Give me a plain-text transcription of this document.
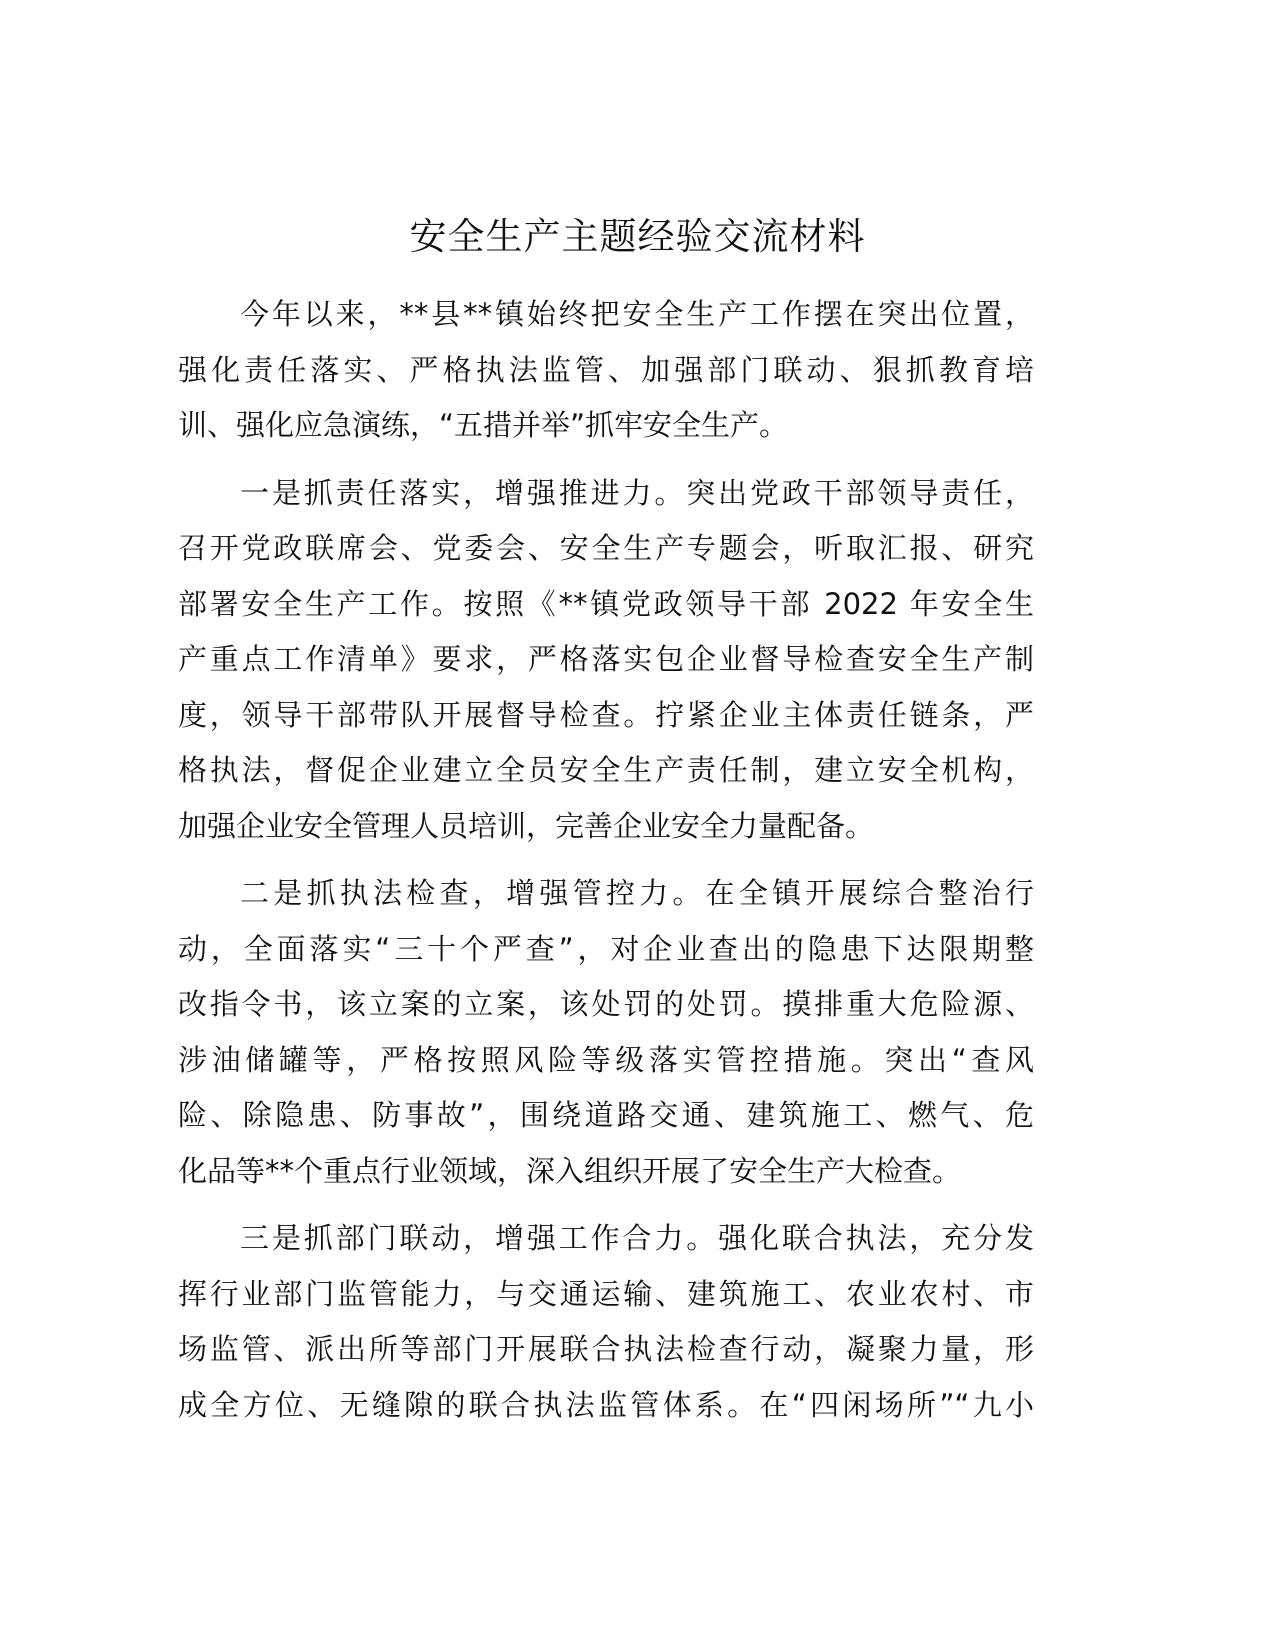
安全生产主题经验交流材料
今年以来，**县**镇始终把安全生产工作摆在突出位置，
强化责任落实、严格执法监管、加强部门联动、狠抓教育培
训、强化应急演练，“五措并举”抓牢安全生产。
一是抓责任落实，增强推进力。突出党政干部领导责任，
召开党政联席会、党委会、安全生产专题会，听取汇报、研究
部署安全生产工作。按照《**镇党政领导干部 2022 年安全生
产重点工作清单》要求，严格落实包企业督导检查安全生产制
度，领导干部带队开展督导检查。拧紧企业主体责任链条，严
格执法，督促企业建立全员安全生产责任制，建立安全机构，
加强企业安全管理人员培训，完善企业安全力量配备。
二是抓执法检查，增强管控力。在全镇开展综合整治行
动，全面落实“三十个严查”，对企业查出的隐患下达限期整
改指令书，该立案的立案，该处罚的处罚。摸排重大危险源、
涉油储罐等，严格按照风险等级落实管控措施。突出“查风
险、除隐患、防事故”，围绕道路交通、建筑施工、燃气、危
化品等**个重点行业领域，深入组织开展了安全生产大检查。
三是抓部门联动，增强工作合力。强化联合执法，充分发
挥行业部门监管能力，与交通运输、建筑施工、农业农村、市
场监管、派出所等部门开展联合执法检查行动，凝聚力量，形
成全方位、无缝隙的联合执法监管体系。在“四闲场所”“九小
